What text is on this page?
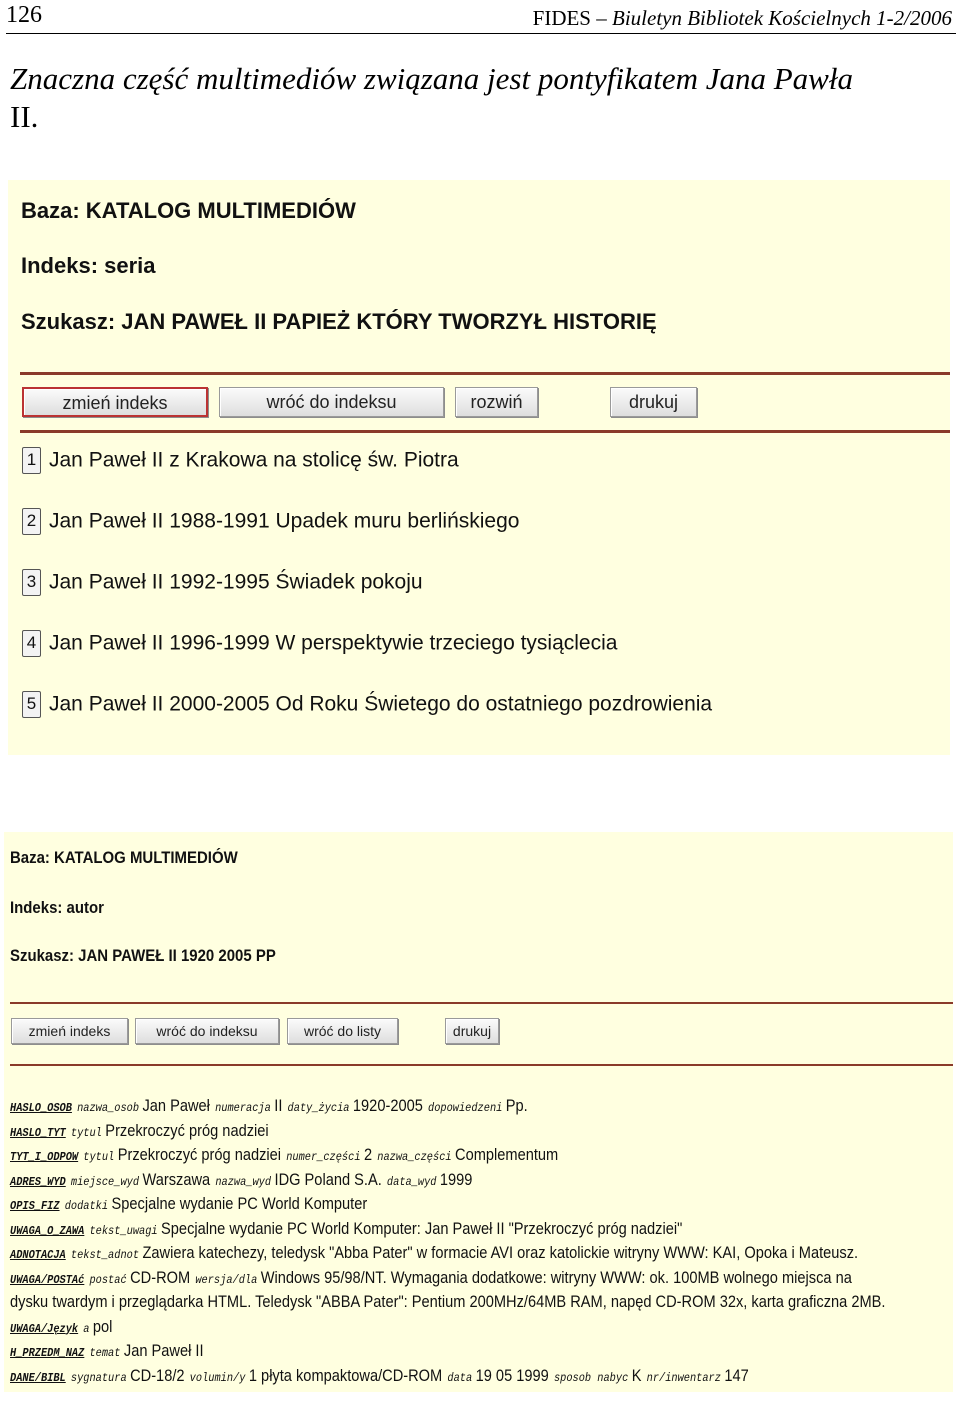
126	FIDES – Biuletyn Bibliotek Kościelnych 1-2/2006
Znaczna część multimediów związana jest pontyfikatem Jana Pawła
II.
Baza: KATALOG MULTIMEDIÓW
Indeks: seria
Szukasz: JAN PAWEŁ II PAPIEŻ KTÓRY TWORZYŁ HISTORIĘ
zmień indeks	wróć do indeksu	rozwiń	drukuj
1 Jan Paweł II z Krakowa na stolicę św. Piotra
2 Jan Paweł II 1988-1991 Upadek muru berlińskiego
3 Jan Paweł II 1992-1995 Świadek pokoju
4 Jan Paweł II 1996-1999 W perspektywie trzeciego tysiąclecia
5 Jan Paweł II 2000-2005 Od Roku Świetego do ostatniego pozdrowienia
Baza: KATALOG MULTIMEDIÓW
Indeks: autor
Szukasz: JAN PAWEŁ II 1920 2005 PP
zmień indeks	wróć do indeksu	wróć do listy	drukuj
HASLO_OSOB nazwa_osob Jan Paweł numeracja II daty_życia 1920-2005 dopowiedzeni Pp.
HASLO_TYT tytul Przekroczyć próg nadziei
TYT_I_ODPOW tytul Przekroczyć próg nadziei numer_części 2 nazwa_części Complementum
ADRES_WYD miejsce_wyd Warszawa nazwa_wyd IDG Poland S.A. data_wyd 1999
OPIS_FIZ dodatki Specjalne wydanie PC World Komputer
UWAGA_O_ZAWA tekst_uwagi Specjalne wydanie PC World Komputer: Jan Paweł II "Przekroczyć próg nadziei"
ADNOTACJA tekst_adnot Zawiera katechezy, teledysk "Abba Pater" w formacie AVI oraz katolickie witryny WWW: KAI, Opoka i Mateusz.
UWAGA/POSTAć postać CD-ROM wersja/dla Windows 95/98/NT. Wymagania dodatkowe: witryny WWW: ok. 100MB wolnego miejsca na
dysku twardym i przeglądarka HTML. Teledysk "ABBA Pater": Pentium 200MHz/64MB RAM, napęd CD-ROM 32x, karta graficzna 2MB.
UWAGA/Język a pol
H_PRZEDM_NAZ temat Jan Paweł II
DANE/BIBL sygnatura CD-18/2 volumin/y 1 płyta kompaktowa/CD-ROM data 19 05 1999 sposob nabyc K nr/inwentarz 147
